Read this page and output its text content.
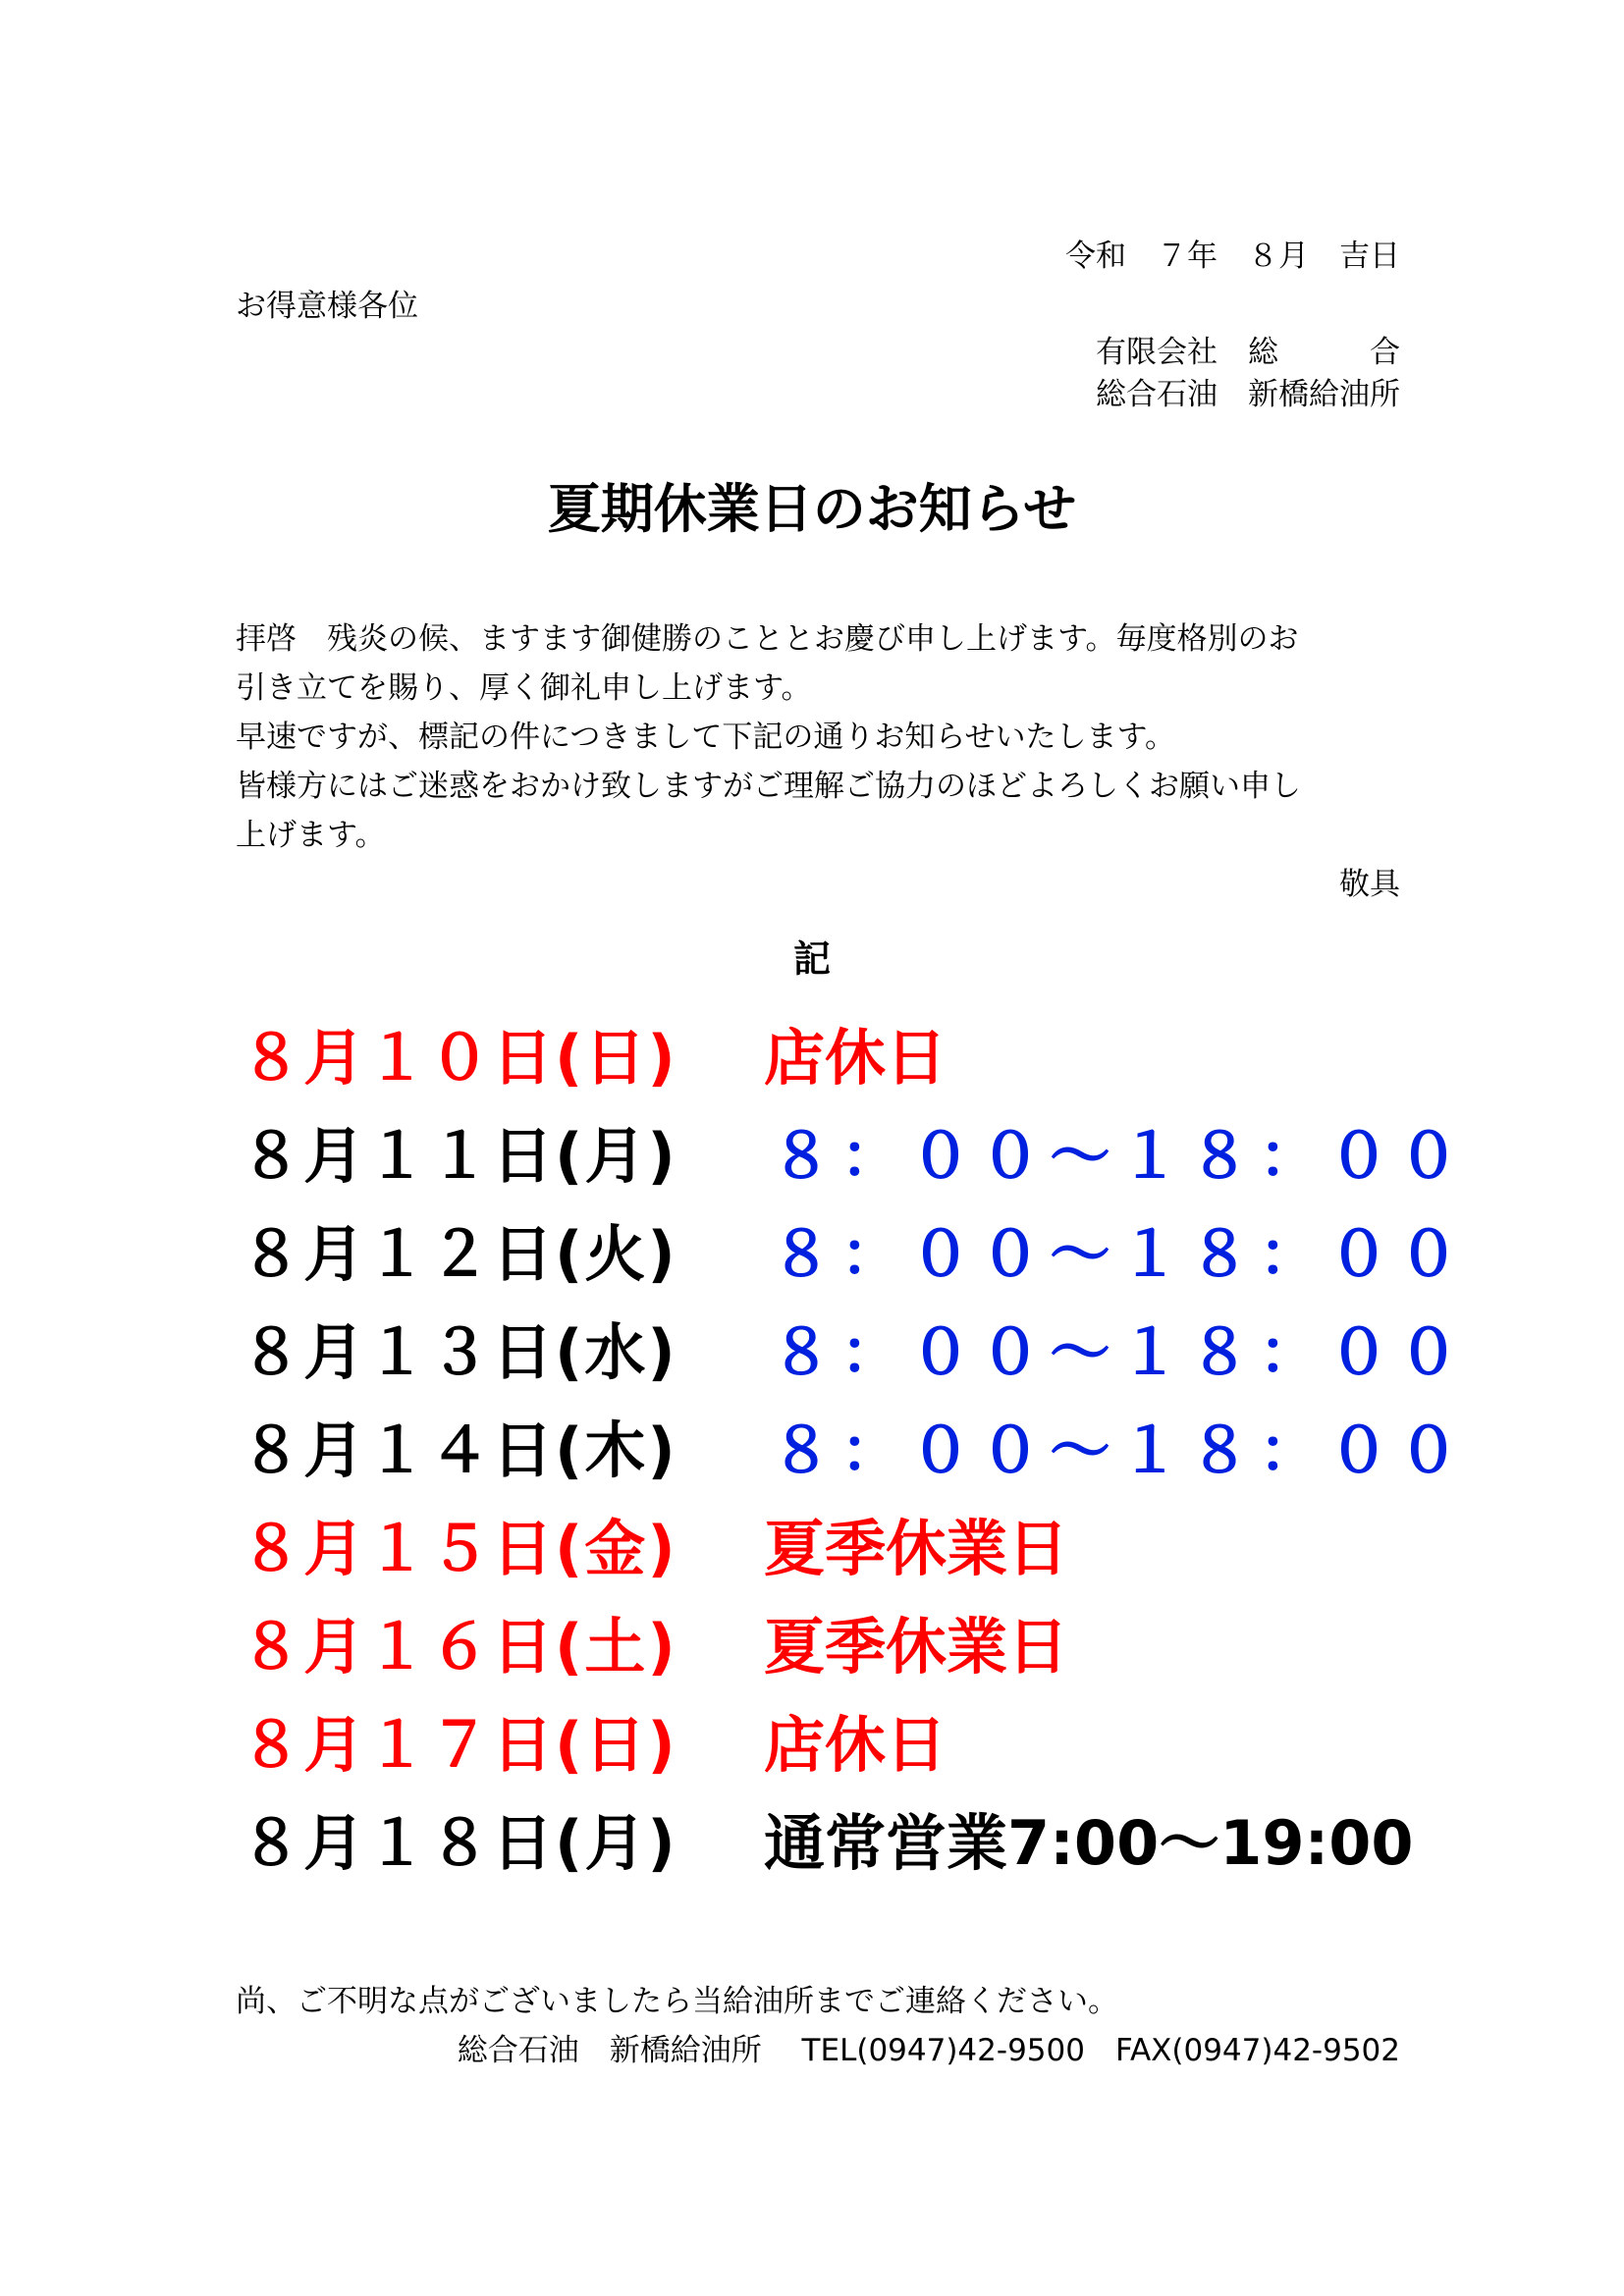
令和　７年　８月　吉日
お得意様各位
有限会社　総　　　合
総合石油　新橋給油所
夏期休業日のお知らせ
拝啓　残炎の候、ますます御健勝のこととお慶び申し上げます。毎度格別のお
引き立てを賜り、厚く御礼申し上げます。
早速ですが、標記の件につきまして下記の通りお知らせいたします。
皆様方にはご迷惑をおかけ致しますがご理解ご協力のほどよろしくお願い申し
上げます。
敬具
記
８月１０日(日) 店休日
８月１１日(月) ８：００～１８：００
８月１２日(火) ８：００～１８：００
８月１３日(水) ８：００～１８：００
８月１４日(木) ８：００～１８：００
８月１５日(金) 夏季休業日
８月１６日(土) 夏季休業日
８月１７日(日) 店休日
８月１８日(月) 通常営業7:00～19:00
尚、ご不明な点がございましたら当給油所までご連絡ください。
総合石油　新橋給油所　 TEL(0947)42-9500　FAX(0947)42-9502
